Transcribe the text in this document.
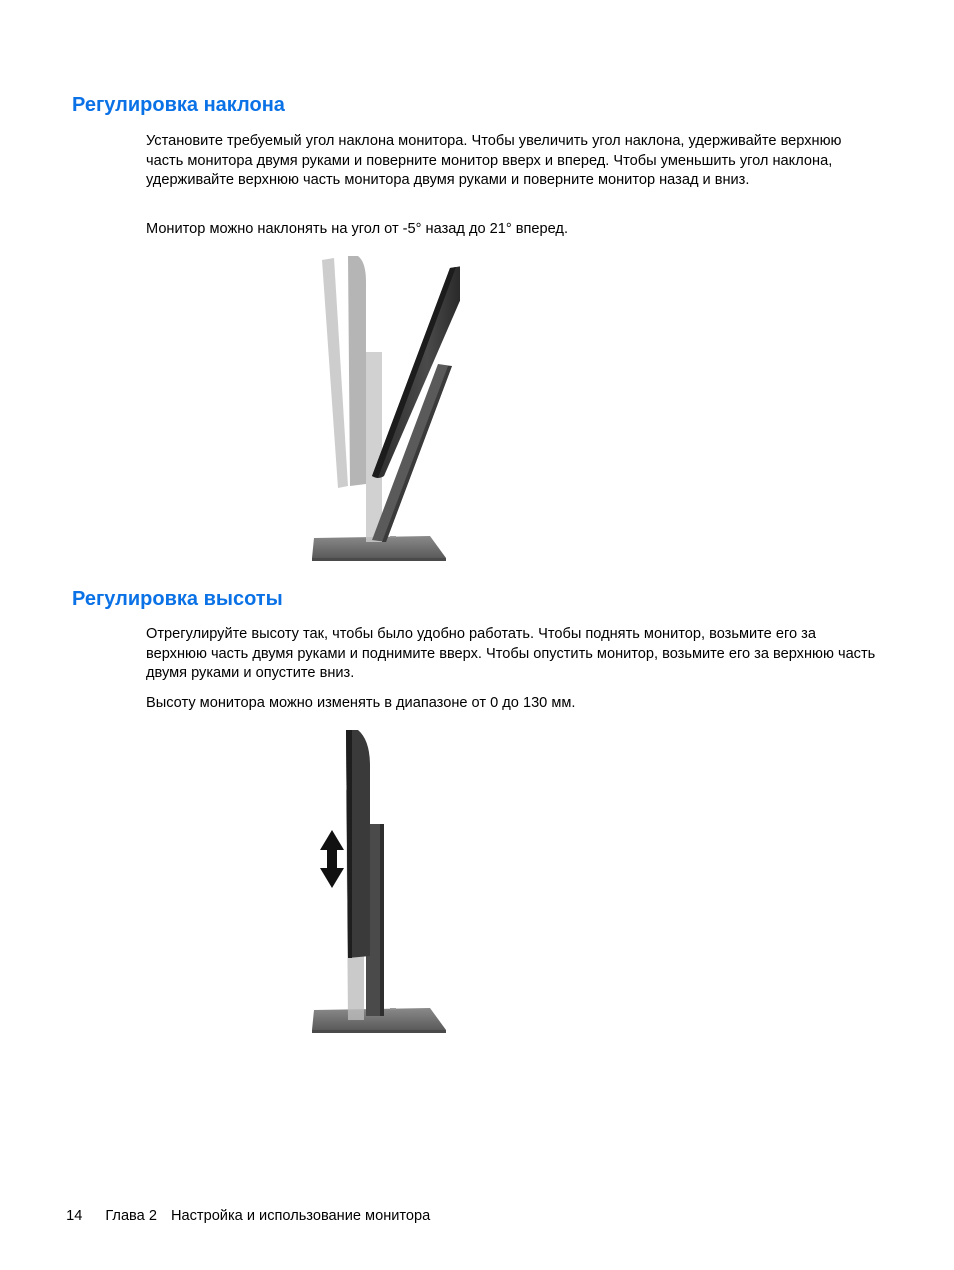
Регулировка наклона

Установите требуемый угол наклона монитора. Чтобы увеличить угол наклона, удерживайте верхнюю часть монитора двумя руками и поверните монитор вверх и вперед. Чтобы уменьшить угол наклона, удерживайте верхнюю часть монитора двумя руками и поверните монитор назад и вниз.

Монитор можно наклонять на угол от -5° назад до 21° вперед.

Регулировка высоты

Отрегулируйте высоту так, чтобы было удобно работать. Чтобы поднять монитор, возьмите его за верхнюю часть двумя руками и поднимите вверх. Чтобы опустить монитор, возьмите его за верхнюю часть двумя руками и опустите вниз.

Высоту монитора можно изменять в диапазоне от 0 до 130 мм.

14 Глава 2 Настройка и использование монитора
